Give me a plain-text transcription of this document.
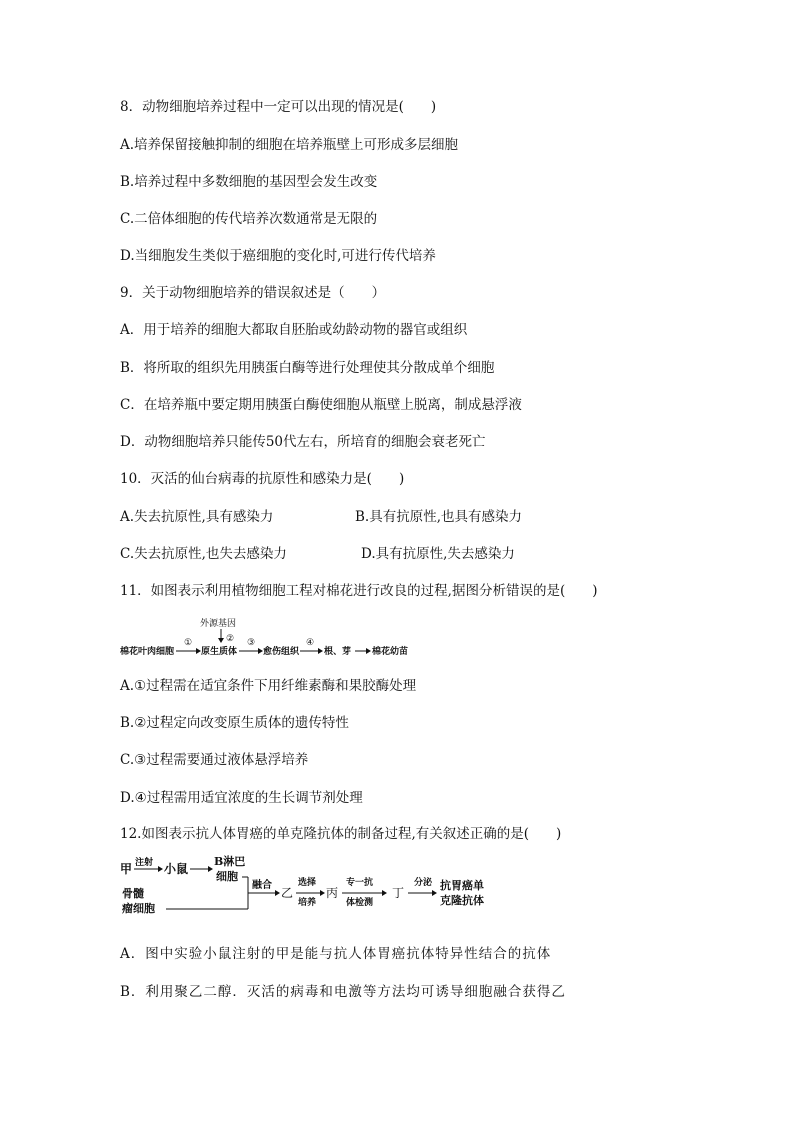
8．动物细胞培养过程中一定可以出现的情况是(　　)
A.培养保留接触抑制的细胞在培养瓶壁上可形成多层细胞
B.培养过程中多数细胞的基因型会发生改变
C.二倍体细胞的传代培养次数通常是无限的
D.当细胞发生类似于癌细胞的变化时,可进行传代培养
9．关于动物细胞培养的错误叙述是（　　）
A．用于培养的细胞大都取自胚胎或幼龄动物的器官或组织
B．将所取的组织先用胰蛋白酶等进行处理使其分散成单个细胞
C．在培养瓶中要定期用胰蛋白酶使细胞从瓶壁上脱离，制成悬浮液
D．动物细胞培养只能传50代左右，所培育的细胞会衰老死亡
10．灭活的仙台病毒的抗原性和感染力是(　　)
A.失去抗原性,具有感染力	B.具有抗原性,也具有感染力
C.失去抗原性,也失去感染力	D.具有抗原性,失去感染力
11．如图表示利用植物细胞工程对棉花进行改良的过程,据图分析错误的是(　　)
外源基因
②
棉花叶肉细胞
①
原生质体
③
愈伤组织
④
根、芽 棉花幼苗
A.①过程需在适宜条件下用纤维素酶和果胶酶处理
B.②过程定向改变原生质体的遗传特性
C.③过程需要通过液体悬浮培养
D.④过程需用适宜浓度的生长调节剂处理
12.如图表示抗人体胃癌的单克隆抗体的制备过程,有关叙述正确的是(　　)
甲 注射 小鼠
B淋巴
细胞
骨髓
瘤细胞
融合
乙
选择
培养
丙
专一抗
体检测
丁
分泌 抗胃癌单
克隆抗体
A．图中实验小鼠注射的甲是能与抗人体胃癌抗体特异性结合的抗体
B．利用聚乙二醇．灭活的病毒和电激等方法均可诱导细胞融合获得乙
